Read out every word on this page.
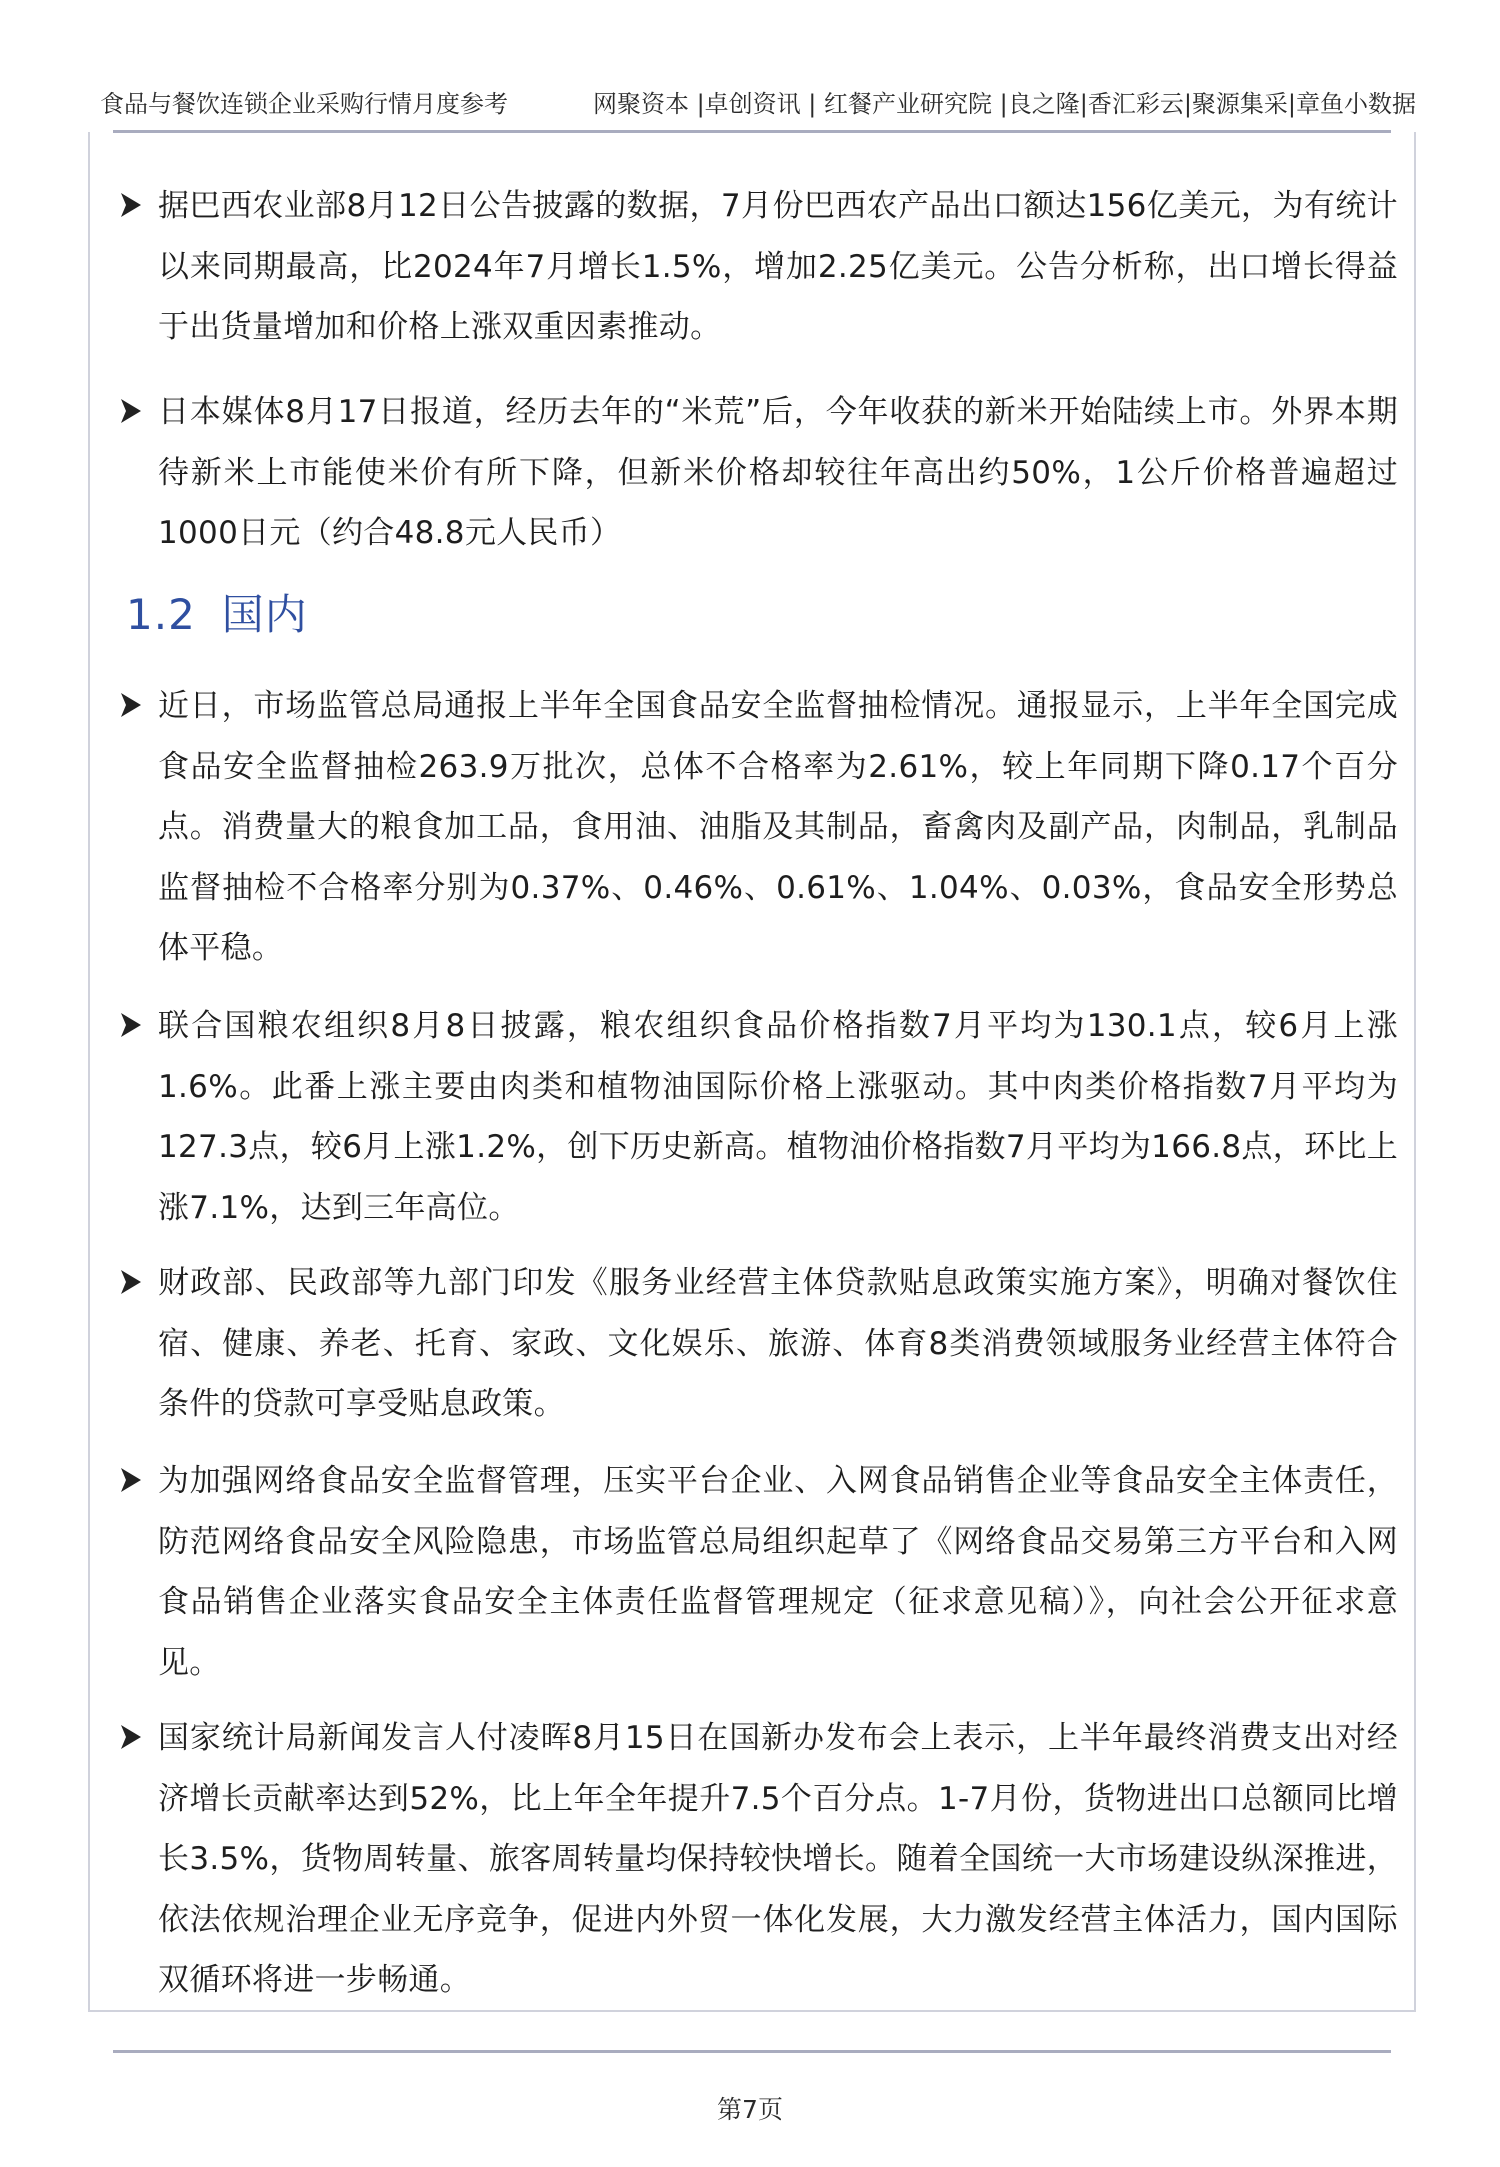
食品与餐饮连锁企业采购行情月度参考	网聚资本 |卓创资讯 | 红餐产业研究院 |良之隆|香汇彩云|聚源集采|章鱼小数据
据巴西农业部8月12日公告披露的数据，7月份巴西农产品出口额达156亿美元，为有统计以来同期最高，比2024年7月增长1.5%，增加2.25亿美元。公告分析称，出口增长得益于出货量增加和价格上涨双重因素推动。
日本媒体8月17日报道，经历去年的“米荒”后，今年收获的新米开始陆续上市。外界本期待新米上市能使米价有所下降，但新米价格却较往年高出约50%，1公斤价格普遍超过1000日元（约合48.8元人民币）
1.2 国内
近日，市场监管总局通报上半年全国食品安全监督抽检情况。通报显示，上半年全国完成食品安全监督抽检263.9万批次，总体不合格率为2.61%，较上年同期下降0.17个百分点。消费量大的粮食加工品，食用油、油脂及其制品，畜禽肉及副产品，肉制品，乳制品监督抽检不合格率分别为0.37%、0.46%、0.61%、1.04%、0.03%，食品安全形势总体平稳。
联合国粮农组织8月8日披露，粮农组织食品价格指数7月平均为130.1点，较6月上涨1.6%。此番上涨主要由肉类和植物油国际价格上涨驱动。其中肉类价格指数7月平均为127.3点，较6月上涨1.2%，创下历史新高。植物油价格指数7月平均为166.8点，环比上涨7.1%，达到三年高位。
财政部、民政部等九部门印发《服务业经营主体贷款贴息政策实施方案》，明确对餐饮住宿、健康、养老、托育、家政、文化娱乐、旅游、体育8类消费领域服务业经营主体符合条件的贷款可享受贴息政策。
为加强网络食品安全监督管理，压实平台企业、入网食品销售企业等食品安全主体责任，防范网络食品安全风险隐患，市场监管总局组织起草了《网络食品交易第三方平台和入网食品销售企业落实食品安全主体责任监督管理规定（征求意见稿）》，向社会公开征求意见。
国家统计局新闻发言人付凌晖8月15日在国新办发布会上表示，上半年最终消费支出对经济增长贡献率达到52%，比上年全年提升7.5个百分点。1-7月份，货物进出口总额同比增长3.5%，货物周转量、旅客周转量均保持较快增长。随着全国统一大市场建设纵深推进，依法依规治理企业无序竞争，促进内外贸一体化发展，大力激发经营主体活力，国内国际双循环将进一步畅通。
第7页
